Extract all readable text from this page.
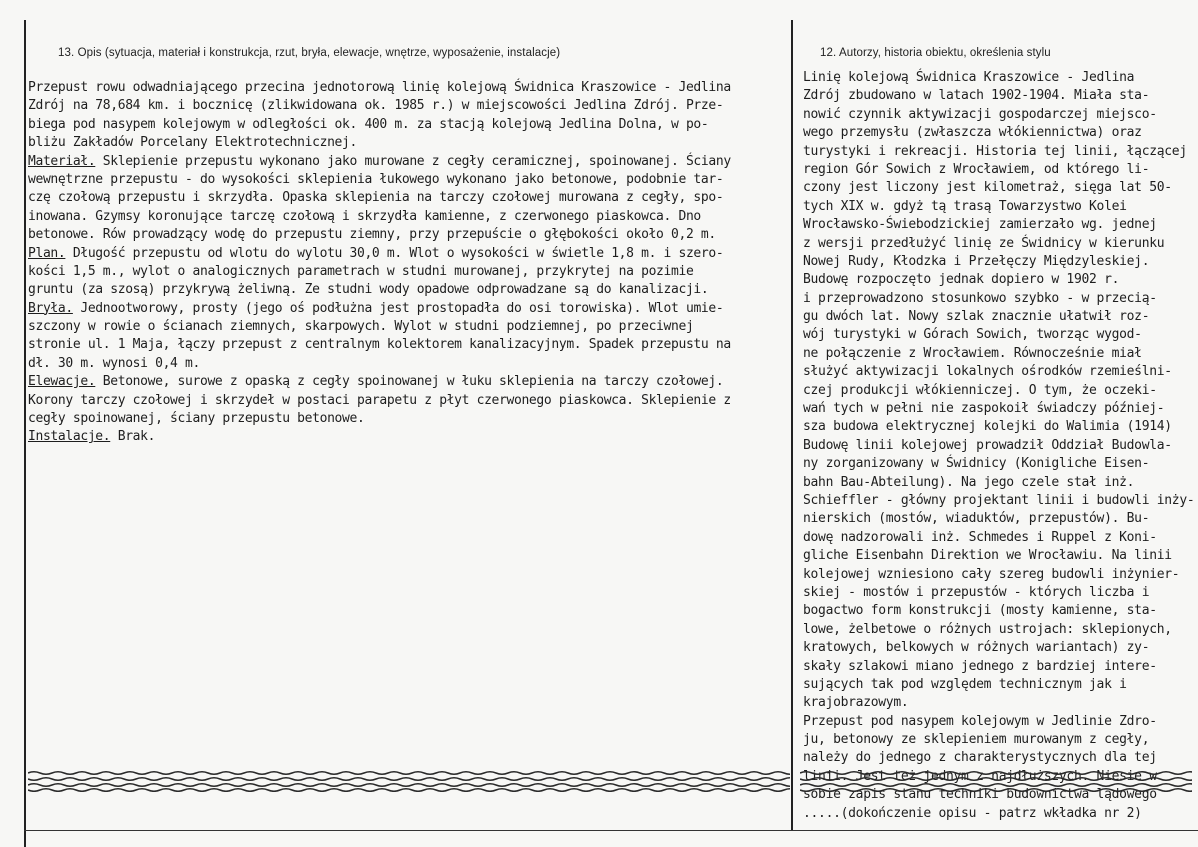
13. Opis (sytuacja, materiał i konstrukcja, rzut, bryła, elewacje, wnętrze, wyposażenie, instalacje)	12. Autorzy, historia obiektu, określenia stylu
Przepust rowu odwadniającego przecina jednotorową linię kolejową Świdnica Kraszowice - Jedlina
Zdrój na 78,684 km. i bocznicę (zlikwidowana ok. 1985 r.) w miejscowości Jedlina Zdrój. Prze-
biega pod nasypem kolejowym w odległości ok. 400 m. za stacją kolejową Jedlina Dolna, w po-
bliżu Zakładów Porcelany Elektrotechnicznej.
Materiał. Sklepienie przepustu wykonano jako murowane z cegły ceramicznej, spoinowanej. Ściany
wewnętrzne przepustu - do wysokości sklepienia łukowego wykonano jako betonowe, podobnie tar-
czę czołową przepustu i skrzydła. Opaska sklepienia na tarczy czołowej murowana z cegły, spo-
inowana. Gzymsy koronujące tarczę czołową i skrzydła kamienne, z czerwonego piaskowca. Dno
betonowe. Rów prowadzący wodę do przepustu ziemny, przy przepuście o głębokości około 0,2 m.
Plan. Długość przepustu od wlotu do wylotu 30,0 m. Wlot o wysokości w świetle 1,8 m. i szero-
kości 1,5 m., wylot o analogicznych parametrach w studni murowanej, przykrytej na pozimie
gruntu (za szosą) przykrywą żeliwną. Ze studni wody opadowe odprowadzane są do kanalizacji.
Bryła. Jednootworowy, prosty (jego oś podłużna jest prostopadła do osi torowiska). Wlot umie-
szczony w rowie o ścianach ziemnych, skarpowych. Wylot w studni podziemnej, po przeciwnej
stronie ul. 1 Maja, łączy przepust z centralnym kolektorem kanalizacyjnym. Spadek przepustu na
dł. 30 m. wynosi 0,4 m.
Elewacje. Betonowe, surowe z opaską z cegły spoinowanej w łuku sklepienia na tarczy czołowej.
Korony tarczy czołowej i skrzydeł w postaci parapetu z płyt czerwonego piaskowca. Sklepienie z
cegły spoinowanej, ściany przepustu betonowe.
Instalacje. Brak.
Linię kolejową Świdnica Kraszowice - Jedlina
Zdrój zbudowano w latach 1902-1904. Miała sta-
nowić czynnik aktywizacji gospodarczej miejsco-
wego przemysłu (zwłaszcza włókiennictwa) oraz
turystyki i rekreacji. Historia tej linii, łączącej
region Gór Sowich z Wrocławiem, od którego li-
czony jest liczony jest kilometraż, sięga lat 50-
tych XIX w. gdyż tą trasą Towarzystwo Kolei
Wrocławsko-Świebodzickiej zamierzało wg. jednej
z wersji przedłużyć linię ze Świdnicy w kierunku
Nowej Rudy, Kłodzka i Przełęczy Międzyleskiej.
Budowę rozpoczęto jednak dopiero w 1902 r.
i przeprowadzono stosunkowo szybko - w przecią-
gu dwóch lat. Nowy szlak znacznie ułatwił roz-
wój turystyki w Górach Sowich, tworząc wygod-
ne połączenie z Wrocławiem. Równocześnie miał
służyć aktywizacji lokalnych ośrodków rzemieślni-
czej produkcji włókienniczej. O tym, że oczeki-
wań tych w pełni nie zaspokoił świadczy później-
sza budowa elektrycznej kolejki do Walimia (1914)
Budowę linii kolejowej prowadził Oddział Budowla-
ny zorganizowany w Świdnicy (Konigliche Eisen-
bahn Bau-Abteilung). Na jego czele stał inż.
Schieffler - główny projektant linii i budowli inży-
nierskich (mostów, wiaduktów, przepustów). Bu-
dowę nadzorowali inż. Schmedes i Ruppel z Koni-
gliche Eisenbahn Direktion we Wrocławiu. Na linii
kolejowej wzniesiono cały szereg budowli inżynier-
skiej - mostów i przepustów - których liczba i
bogactwo form konstrukcji (mosty kamienne, sta-
lowe, żelbetowe o różnych ustrojach: sklepionych,
kratowych, belkowych w różnych wariantach) zy-
skały szlakowi miano jednego z bardziej intere-
sujących tak pod względem technicznym jak i
krajobrazowym.
Przepust pod nasypem kolejowym w Jedlinie Zdro-
ju, betonowy ze sklepieniem murowanym z cegły,
należy do jednego z charakterystycznych dla tej
linii. Jest też jednym z najdłuższych. Niesie w
sobie zapis stanu techniki budownictwa lądowego
.....(dokończenie opisu - patrz wkładka nr 2)
